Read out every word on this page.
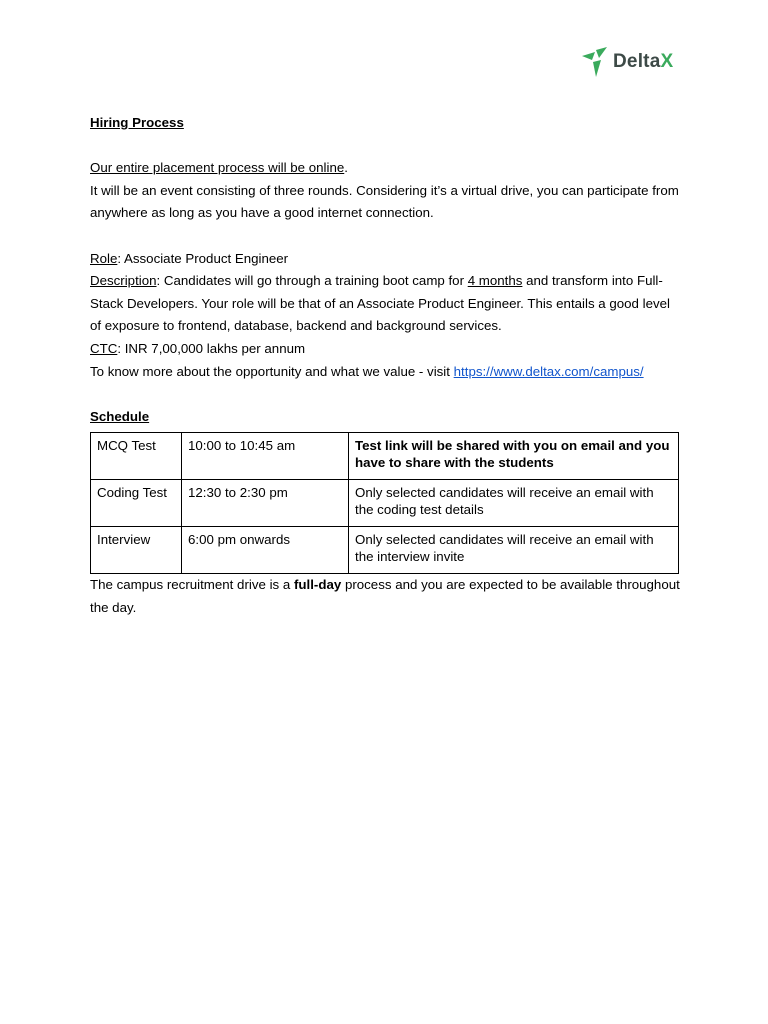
DeltaX

Hiring Process

Our entire placement process will be online.

It will be an event consisting of three rounds. Considering it’s a virtual drive, you can participate from anywhere as long as you have a good internet connection.

Role: Associate Product Engineer

Description: Candidates will go through a training boot camp for 4 months and transform into Full-Stack Developers. Your role will be that of an Associate Product Engineer. This entails a good level of exposure to frontend, database, backend and background services.

CTC: INR 7,00,000 lakhs per annum

To know more about the opportunity and what we value - visit https://www.deltax.com/campus/

Schedule

MCQ Test	10:00 to 10:45 am	Test link will be shared with you on email and you have to share with the students
Coding Test	12:30 to 2:30 pm	Only selected candidates will receive an email with the coding test details
Interview	6:00 pm onwards	Only selected candidates will receive an email with the interview invite

The campus recruitment drive is a full-day process and you are expected to be available throughout the day.
